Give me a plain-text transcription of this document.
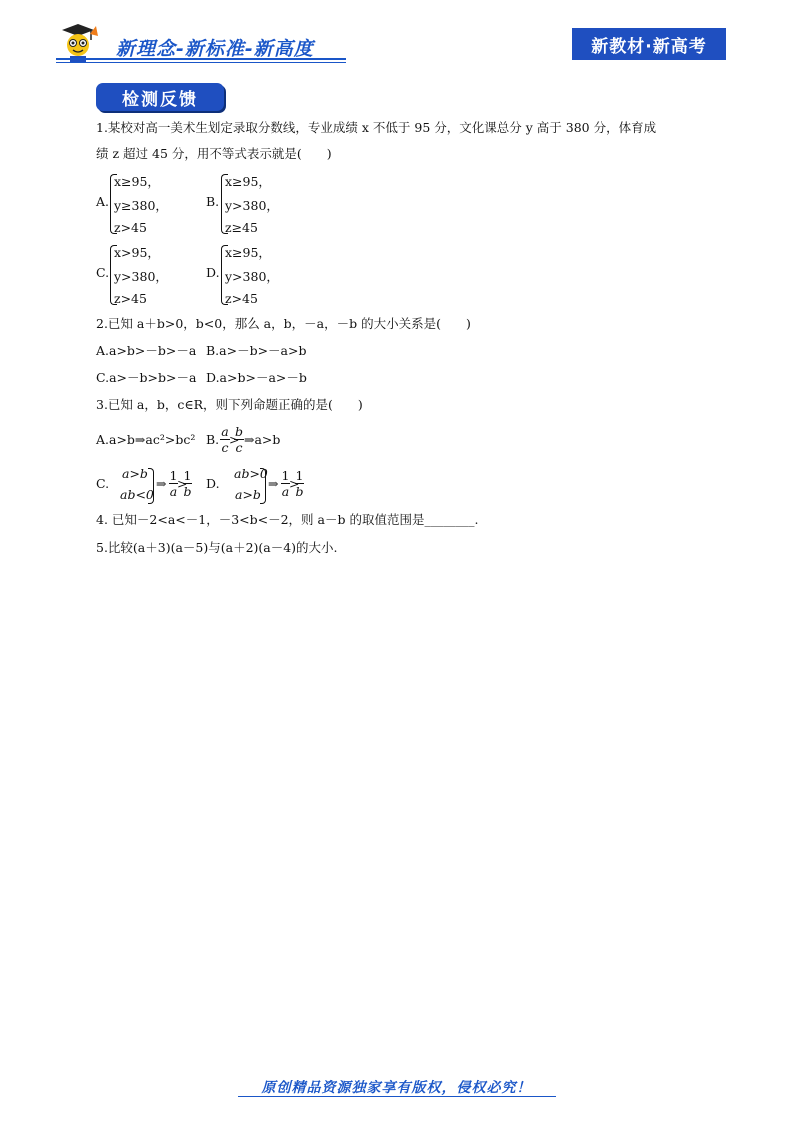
新理念-新标准-新高度	新教材·新高考
检测反馈
1.某校对高一美术生划定录取分数线，专业成绩 x 不低于 95 分，文化课总分 y 高于 380 分，体育成
绩 z 超过 45 分，用不等式表示就是(　　)
A.
x≥95，
y≥380，
z>45
B.
x≥95，
y>380，
z≥45
C.
x>95，
y>380，
z>45
D.
x≥95，
y>380，
z>45
2.已知 a＋b>0，b<0，那么 a，b，－a，－b 的大小关系是(　　)
A.a>b>－b>－a B.a>－b>－a>b
C.a>－b>b>－a D.a>b>－a>－b
3.已知 a，b，c∈R，则下列命题正确的是(　　)
A.a>b⇒ac²>bc² B. $\frac{a}{c}$ >
$\frac{b}{c}$ ⇒a>b
C.
a>b
ab<0
⇒ $\frac{1}{a}$ >
$\frac{1}{b} D$.
ab>0
a>b
⇒ $\frac{1}{a}$ >
$\frac{1}{b}$
4. 已知－2<a<－1，－3<b<－2，则 a－b 的取值范围是________.
5.比较(a＋3)(a－5)与(a＋2)(a－4)的大小.
原创精品资源独家享有版权，侵权必究！
